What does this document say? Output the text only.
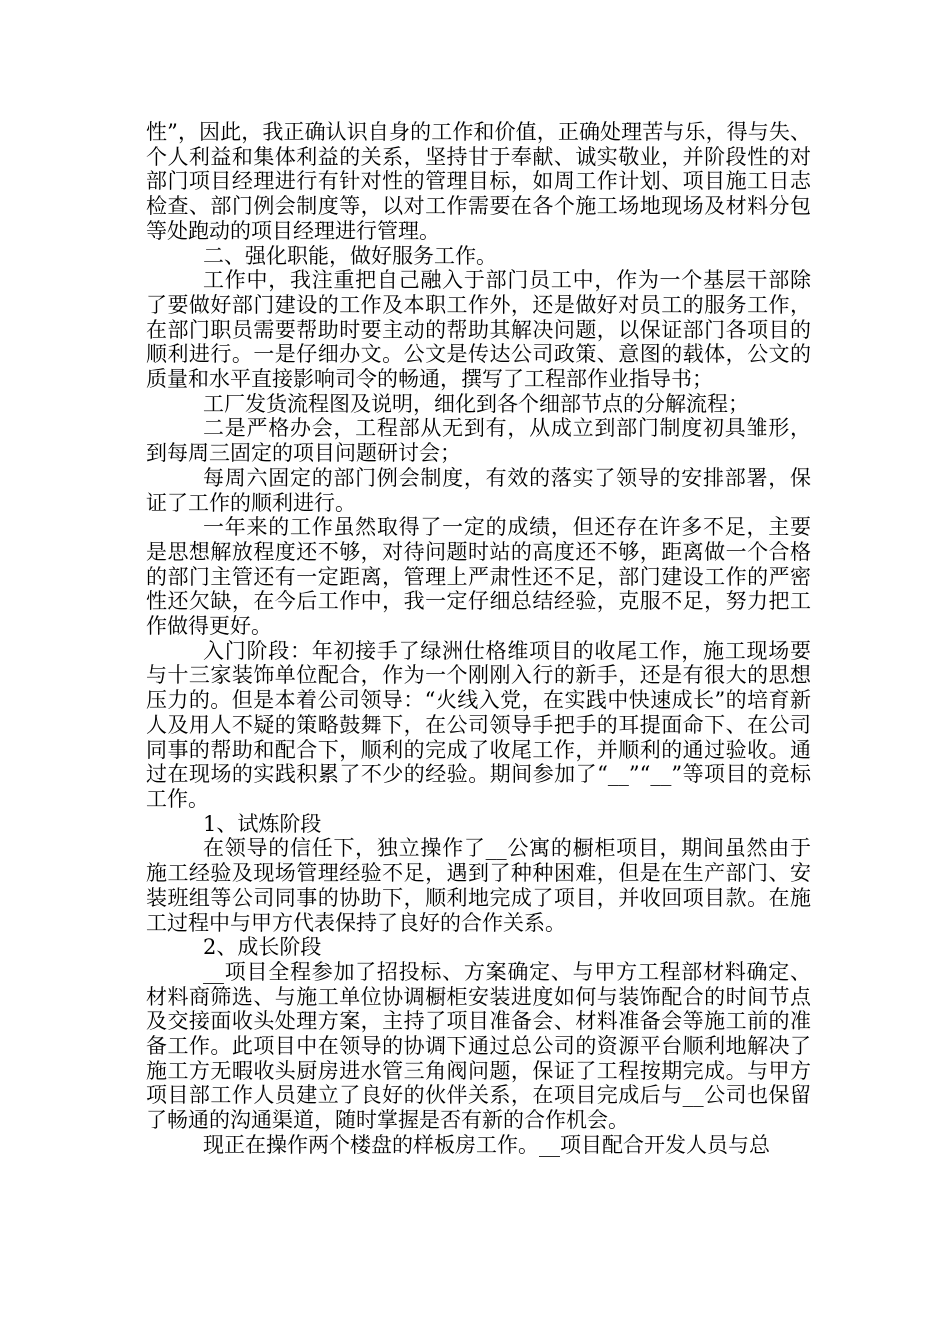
性”，因此，我正确认识自身的工作和价值，正确处理苦与乐，得与失、个人利益和集体利益的关系，坚持甘于奉献、诚实敬业，并阶段性的对部门项目经理进行有针对性的管理目标，如周工作计划、项目施工日志检查、部门例会制度等，以对工作需要在各个施工场地现场及材料分包等处跑动的项目经理进行管理。

二、强化职能，做好服务工作。

工作中，我注重把自己融入于部门员工中，作为一个基层干部除了要做好部门建设的工作及本职工作外，还是做好对员工的服务工作，在部门职员需要帮助时要主动的帮助其解决问题，以保证部门各项目的顺利进行。一是仔细办文。公文是传达公司政策、意图的载体，公文的质量和水平直接影响司令的畅通，撰写了工程部作业指导书；

工厂发货流程图及说明，细化到各个细部节点的分解流程；

二是严格办会，工程部从无到有，从成立到部门制度初具雏形，到每周三固定的项目问题研讨会；

每周六固定的部门例会制度，有效的落实了领导的安排部署，保证了工作的顺利进行。

一年来的工作虽然取得了一定的成绩，但还存在许多不足，主要是思想解放程度还不够，对待问题时站的高度还不够，距离做一个合格的部门主管还有一定距离，管理上严肃性还不足，部门建设工作的严密性还欠缺，在今后工作中，我一定仔细总结经验，克服不足，努力把工作做得更好。

入门阶段：年初接手了绿洲仕格维项目的收尾工作，施工现场要与十三家装饰单位配合，作为一个刚刚入行的新手，还是有很大的思想压力的。但是本着公司领导：“火线入党，在实践中快速成长”的培育新人及用人不疑的策略鼓舞下，在公司领导手把手的耳提面命下、在公司同事的帮助和配合下，顺利的完成了收尾工作，并顺利的通过验收。通过在现场的实践积累了不少的经验。期间参加了“__”“__”等项目的竞标工作。

1、试炼阶段

在领导的信任下，独立操作了__公寓的橱柜项目，期间虽然由于施工经验及现场管理经验不足，遇到了种种困难，但是在生产部门、安装班组等公司同事的协助下，顺利地完成了项目，并收回项目款。在施工过程中与甲方代表保持了良好的合作关系。

2、成长阶段

__项目全程参加了招投标、方案确定、与甲方工程部材料确定、材料商筛选、与施工单位协调橱柜安装进度如何与装饰配合的时间节点及交接面收头处理方案，主持了项目准备会、材料准备会等施工前的准备工作。此项目中在领导的协调下通过总公司的资源平台顺利地解决了施工方无暇收头厨房进水管三角阀问题，保证了工程按期完成。与甲方项目部工作人员建立了良好的伙伴关系，在项目完成后与__公司也保留了畅通的沟通渠道，随时掌握是否有新的合作机会。

现正在操作两个楼盘的样板房工作。__项目配合开发人员与总
